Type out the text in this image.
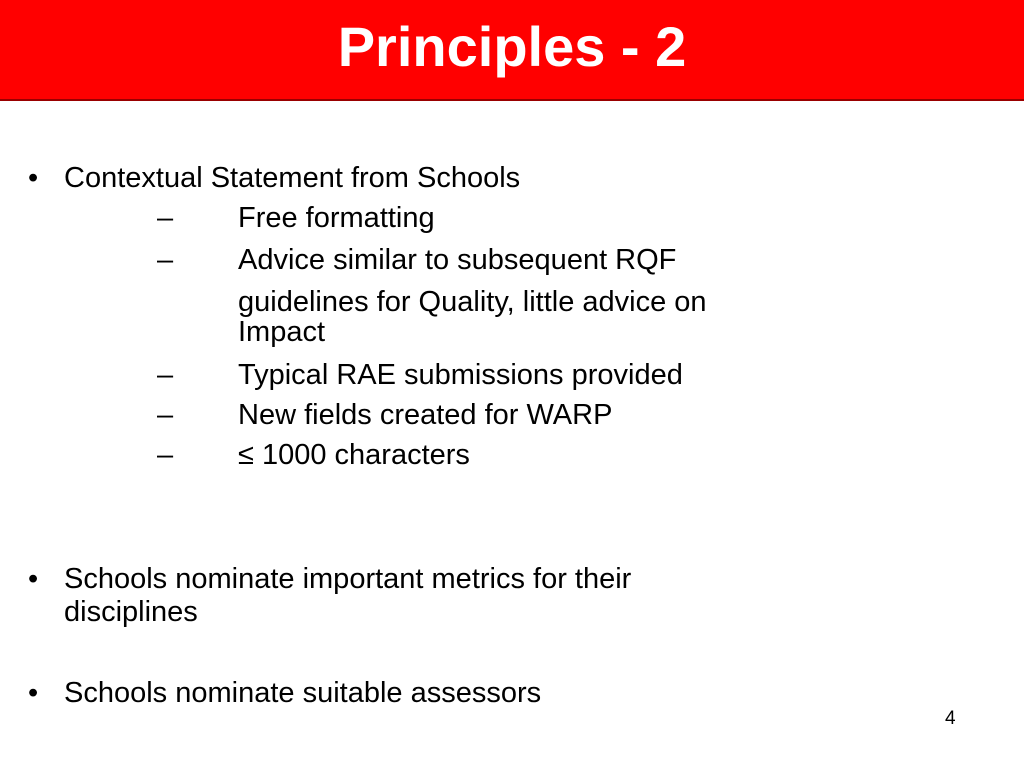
Principles - 2
• Contextual Statement from Schools
– Free formatting
– Advice similar to subsequent RQF
guidelines for Quality, little advice on
Impact
– Typical RAE submissions provided
– New fields created for WARP
– ≤ 1000 characters
• Schools nominate important metrics for their
disciplines
• Schools nominate suitable assessors
4
